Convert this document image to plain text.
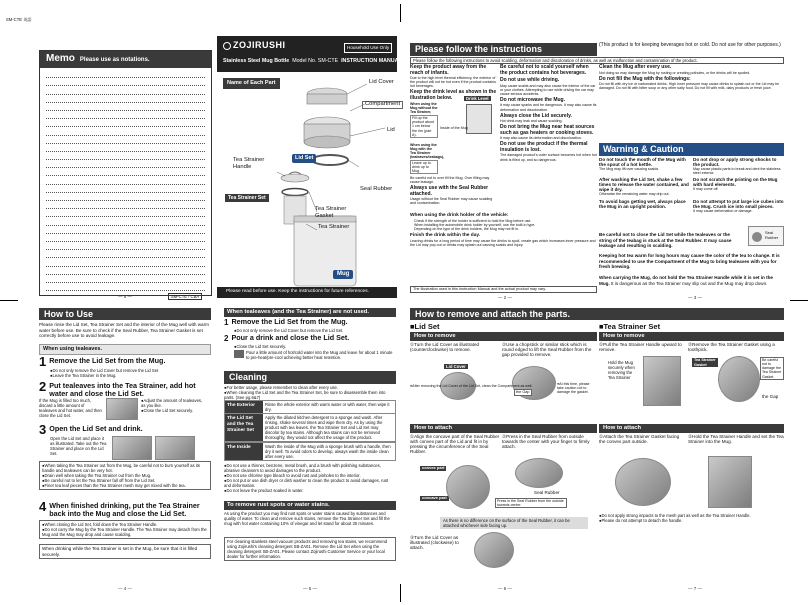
SM-CTE 英語
Memo Please use as notations.
— 8 —	SM-CTE / CBA
ZOJIRUSHI	Household Use Only
Stainless Steel Mug Bottle Model No. SM-CTE INSTRUCTION MANUAL
Name of Each Part	Lid Cover
Compartment
Lid
Seal Rubber
Tea Strainer Handle
Lid Set
Tea Strainer Set
Tea Strainer Gasket
Tea Strainer
Mug
Please read before use. Keep the instructions for future references.
— 1 —
Please follow the instructions	(This product is for keeping beverages hot or cold. Do not use for other purposes.)
Please follow the following instructions to avoid scalding, deformation and discoloration of drinks, as well as malfunction and contamination of the product.
Keep the product away from the reach of infants.
Due to the high level thermal efficiency, the exterior of the product will not be hot even if the product contains hot beverages.
Keep the drink level as shown in the illustration below.
When using the Mug without the Tea Strainer,
Fill up the product about 1 cm below the rim (part A).
When using the Mug with the Tea Strainer (tealeaves/teabags),
Leave up to drink up to Mug.
Be careful not to over fill the Mug. Over filling may cause leakage.
Always use with the Seal Rubber attached.
Usage without the Seal Rubber may cause scalding and contamination.
Drink Level
Inside of the Mug
Be careful not to scald yourself when the product contains hot beverages.
Do not use while driving.
May cause scalds and may also cause the interior of the car or your clothes. Attempting to use while driving the car may cause serious accidents.
Do not microwave the Mug.
It may cause sparks and be dangerous. It may also cause its deformation and discoloration.
Always close the Lid securely.
Hot drink may leak and cause scalding.
Do not bring the Mug near heat sources such as gas heaters or cooking stoves.
It may also cause its deformation and discoloration.
Do not use the product if the thermal insulation is lost.
The damaged product's outer surface becomes hot when hot drink is filled up, and so dangerous.
When using the drink holder of the vehicle:
Check if the strength of the holder is sufficient to hold the Mug before use.
When installing the automobile drink holder by yourself, use the built-in type.
Depending on the type of the drink holders, the Mug may not fit in.
Finish the drink within the day.
Leaving drinks for a long period of time may cause the drinks to spoil, create gas which increases inner pressure and the Lid may pop out or drinks may splash out causing scalds and injury.
Clean the Mug after every use.
Not doing so may damage the Mug by rusting or creating potholes, or the drinks will be spoiled.
Do not fill the Mug with the followings:
Do not fill with dry ice or carbonated drinks. High inner pressure may cause drinks to splash out or the Lid may be damaged. Do not fill with bitter soup or any other salty food. Do not fill with milk, dairy products or fresh juice.
Warning & Caution
Do not touch the mouth of the Mug with the spout of a hot kettle.
The Mug may lift over causing scalds.
Do not drop or apply strong shocks to the product.
May cause plastic parts to break and dent the stainless steel exterior.
After washing the Lid Set, shake a few times to release the water contained, and wipe it dry.
Otherwise the remaining water may drip out.
Do not scratch the printing on the Mug with hard elements.
It may come off.
To avoid bags getting wet, always place the Mug in an upright position.
Do not attempt to put large ice cubes into the Mug. Crush ice into small pieces.
It may cause deformation or damage.
Be careful not to close the Lid Set while the tealeaves or the string of the teabag is stuck at the Seal Rubber. It may cause leakage and resulting in scalding.
Seal Rubber
Keeping hot tea warm for long hours may cause the color of the tea to change. It is recommended to use the Compartment of the Mug to bring tealeaves with you for fresh brewing.
When carrying the Mug, do not hold the Tea Strainer Handle while it is set in the Mug. It is dangerous as the Tea Strainer may slip out and the Mug may drop down.
The illustration used in this Instruction Manual and the actual product may vary.
— 2 —	— 3 —
How to Use
Please rinse the Lid Set, Tea Strainer Set and the interior of the Mug well with warm water before use. Be sure to check if the Seal Rubber, Tea Strainer Gasket is set correctly before use to avoid leakage.
When using tealeaves.
1 Remove the Lid Set from the Mug.
● Do not only remove the Lid Cover but remove the Lid Set
● Leave the Tea Strainer in the Mug.
2 Put tealeaves into the Tea Strainer, add hot water and close the Lid Set.
If the Mug is filled too much, discard a little amount of tealeaves and hot water, and then close the Lid Set.
● Adjust the amount of tealeaves, as you like.
● Close the Lid Set securely.
3 Open the Lid Set and drink.
Open the Lid Set and place it as illustrated. Take out the Tea Strainer and place on the Lid Set.
● When taking the Tea Strainer out from the Mug, be careful not to burn yourself as its handle and tealeaves can be very hot.
● Drain well when taking the Tea Strainer out from the Mug.
● Be careful not to let the Tea Strainer fall off from the Lid Set.
● Finer tea leaf pieces than the Tea Strainer mesh may get mixed with the tea.
4 When finished drinking, put the Tea Strainer back into the Mug and close the Lid Set.
● When closing the Lid Set, fold down the Tea Strainer Handle.
● Do not carry the Mug by the Tea Strainer Handle. The Tea Strainer may detach from the Mug and the Mug may drop and cause scalding.
When drinking while the Tea Strainer is set in the Mug, be sure that it is filled securely.
— 4 —
When tealeaves (and the Tea Strainer) are not used.
1 Remove the Lid Set from the Mug.
● Do not only remove the Lid Cover but remove the Lid Set.
2 Pour a drink and close the Lid Set.
● Close the Lid Set securely.
Pour a little amount of hot/cold water into the Mug and leave for about 1 minute to pre-heat/pre-cool achieving better heat retention.
Cleaning
● For better usage, please remember to clean after every use.
● When cleaning the Lid Set and the Tea Strainer Set, be sure to disassemble them into parts. (See pg.6&7)
The Exterior	Rinse the whole exterior with warm water or with water, then wipe it dry.
The Lid Set and the Tea Strainer Set
Apply the diluted kitchen detergent to a sponge and wash. After rinsing, shake several times and wipe them dry. As by using the product with tea leaves, the Tea Strainer Set and Lid Set may discolor by tea stains. Although tea stains can not be removed thoroughly, they would not affect the usage of the product.
The Inside	Wash the inside of the Mug with a sponge brush with a handle, then dry it well. To avoid odors to develop, always wash the inside clean after every use.
● Do not use a thinner, benzene, metal brush, and a brush with polishing substances, abrasive cleansers to avoid damages to the product.
● Do not use chlorine type bleach to avoid rust and pinholes to the interior.
● Do not put or use dish dryer or dish washer to clean the product to avoid damages, rust and deformation.
● Do not leave the product soaked in water.
To remove rust spots or water stains.
As using the product you may find rust spots or water stains caused by substances and quality of water. To clean and remove such stains, remove the Tea Strainer Set and fill the mug with hot water containing 10% of vinegar and let stand for about 30 minutes.
For cleaning stainless steel vacuum products and removing tea stains, we recommend using Zojirushi's cleaning detergent SB-ZA01. Remove the Lid Set when using the cleaning detergent SB-ZA01. Please contact Zojirushi Customer Service or your local dealer for further information.
— 5 —
How to remove and attach the parts.
■Lid Set	■Tea Strainer Set
How to remove
①Turn the Lid Cover as illustrated (counterclockwise) to remove.
Lid Cover
②Use a chopstick or similar stick which is round edged to lift the Seal Rubber from the gap provided to remove.
the Gap
● At this time, please take caution not to damage the gasket.
● After removing the Lid Cover of the Lid Set, clean the Compartment as well.
How to attach
①Align the concave part of the Seal Rubber with convex part of the Lid and fit in by pressing the circumference of the Seal Rubber.
②Press in the Seal Rubber from outside towards the center with your finger to firmly attach.
convex part
concave part
Seal Rubber
Press in the Seal Rubber from the outside towards center.
As there is no difference on the surface of the Seal Rubber, it can be attached whichever side facing up.
③Turn the Lid Cover as illustrated (clockwise) to attach.
— 6 —
How to remove
①Pull the Tea Strainer Handle upward to remove.
Hold the Mug securely when removing the Tea Strainer
②Remove the Tea Strainer Gasket using a toothpick.
Tea Strainer Gasket
Be careful not to damage the Tea Strainer Gasket.
the Gap
How to attach
①Attach the Tea Strainer Gasket facing the convex part outside.
②Hold the Tea Strainer Handle and set the Tea Strainer into the Mug.
● Do not apply strong impacts to the mesh part as well as the Tea Strainer Handle.
● Please do not attempt to detach the handle.
— 7 —
